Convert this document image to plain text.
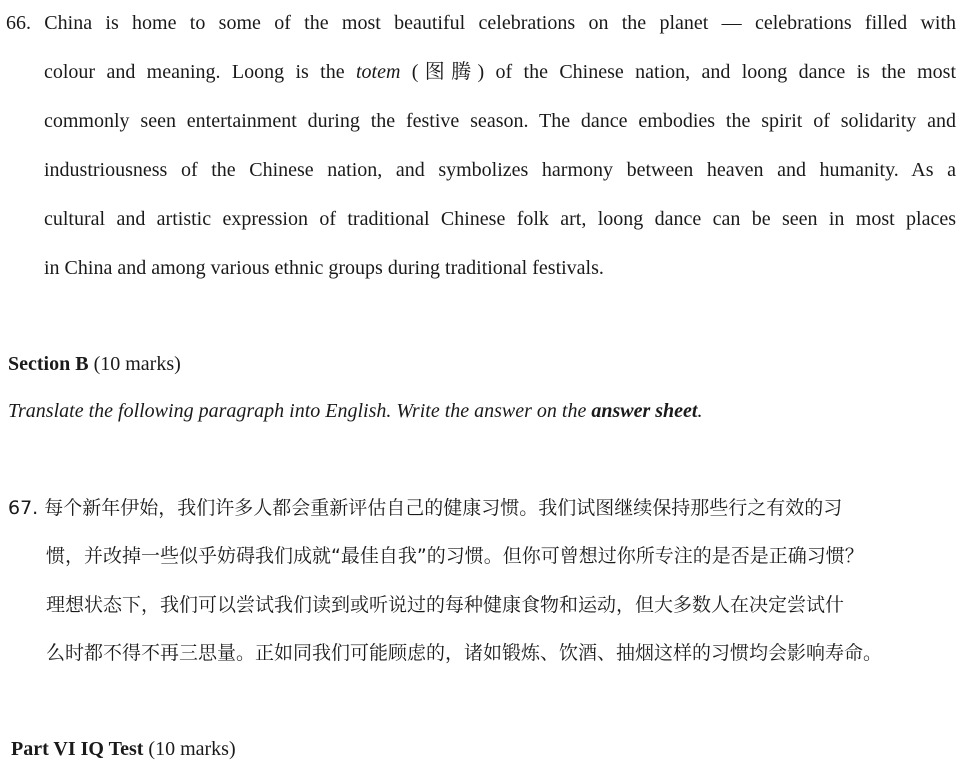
66. China is home to some of the most beautiful celebrations on the planet — celebrations filled with
colour and meaning. Loong is the totem (图腾) of the Chinese nation, and loong dance is the most
commonly seen entertainment during the festive season. The dance embodies the spirit of solidarity and
industriousness of the Chinese nation, and symbolizes harmony between heaven and humanity. As a
cultural and artistic expression of traditional Chinese folk art, loong dance can be seen in most places
in China and among various ethnic groups during traditional festivals.
Section B (10 marks)
Translate the following paragraph into English. Write the answer on the answer sheet.
67. 每个新年伊始，我们许多人都会重新评估自己的健康习惯。我们试图继续保持那些行之有效的习
惯，并改掉一些似乎妨碍我们成就“最佳自我”的习惯。但你可曾想过你所专注的是否是正确习惯？
理想状态下，我们可以尝试我们读到或听说过的每种健康食物和运动，但大多数人在决定尝试什
么时都不得不再三思量。正如同我们可能顾虑的，诸如锻炼、饮酒、抽烟这样的习惯均会影响寿命。
Part VI IQ Test (10 marks)
